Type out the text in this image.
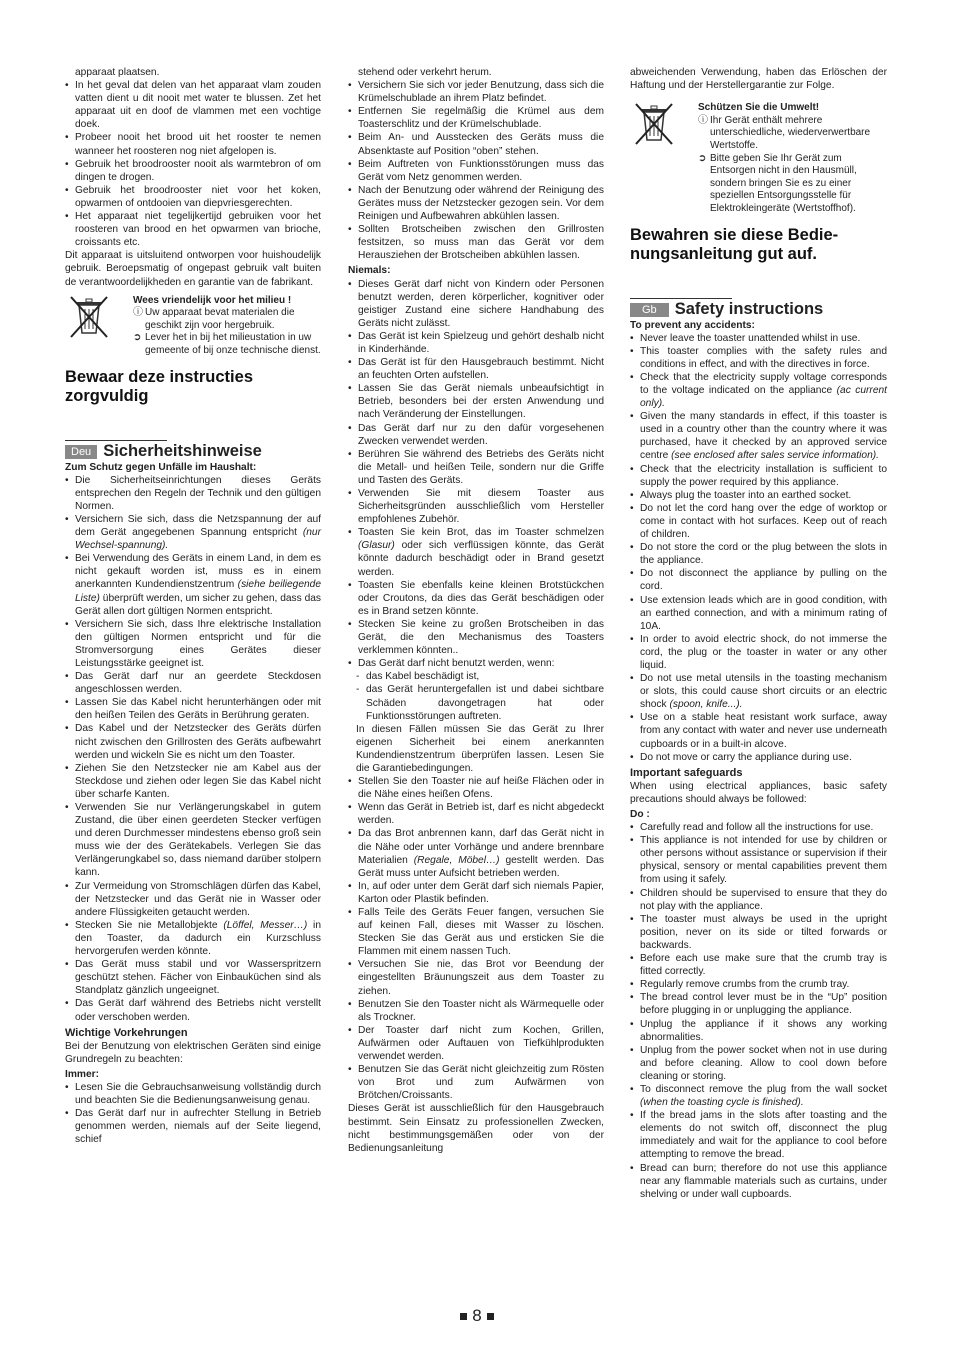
apparaat plaatsen.

• In het geval dat delen van het apparaat vlam zouden vatten dient u dit nooit met water te blussen. Zet het apparaat uit en doof de vlammen met een vochtige doek.
• Probeer nooit het brood uit het rooster te nemen wanneer het roosteren nog niet afgelopen is.
• Gebruik het broodrooster nooit als warmtebron of om dingen te drogen.
• Gebruik het broodrooster niet voor het koken, opwarmen of ontdooien van diepvriesgerechten.
• Het apparaat niet tegelijkertijd gebruiken voor het roosteren van brood en het opwarmen van brioche, croissants etc.

Dit apparaat is uitsluitend ontworpen voor huishoudelijk gebruik. Beroepsmatig of ongepast gebruik valt buiten de verantwoordelijkheden en garantie van de fabrikant.

Wees vriendelijk voor het milieu !
ⓘ Uw apparaat bevat materialen die geschikt zijn voor hergebruik.
➲ Lever het in bij het milieustation in uw gemeente of bij onze technische dienst.
Bewaar deze instructies zorgvuldig
Deu Sicherheitshinweise
Zum Schutz gegen Unfälle im Haushalt:
• Die Sicherheitseinrichtungen dieses Geräts entsprechen den Regeln der Technik und den gültigen Normen.
• Versichern Sie sich, dass die Netzspannung der auf dem Gerät angegebenen Spannung entspricht (nur Wechsel-spannung).
• Bei Verwendung des Geräts in einem Land, in dem es nicht gekauft worden ist, muss es in einem anerkannten Kundendienstzentrum (siehe beiliegende Liste) überprüft werden, um sicher zu gehen, dass das Gerät allen dort gültigen Normen entspricht.
• Versichern Sie sich, dass Ihre elektrische Installation den gültigen Normen entspricht und für die Stromversorgung eines Gerätes dieser Leistungsstärke geeignet ist.
• Das Gerät darf nur an geerdete Steckdosen angeschlossen werden.
• Lassen Sie das Kabel nicht herunterhängen oder mit den heißen Teilen des Geräts in Berührung geraten.
• Das Kabel und der Netzstecker des Geräts dürfen nicht zwischen den Grillrosten des Geräts aufbewahrt werden und wickeln Sie es nicht um den Toaster.
• Ziehen Sie den Netzstecker nie am Kabel aus der Steckdose und ziehen oder legen Sie das Kabel nicht über scharfe Kanten.
• Verwenden Sie nur Verlängerungskabel in gutem Zustand, die über einen geerdeten Stecker verfügen und deren Durchmesser mindestens ebenso groß sein muss wie der des Gerätekabels. Verlegen Sie das Verlängerungkabel so, dass niemand darüber stolpern kann.
• Zur Vermeidung von Stromschlägen dürfen das Kabel, der Netzstecker und das Gerät nie in Wasser oder andere Flüssigkeiten getaucht werden.
• Stecken Sie nie Metallobjekte (Löffel, Messer…) in den Toaster, da dadurch ein Kurzschluss hervorgerufen werden könnte.
• Das Gerät muss stabil und vor Wasserspritzern geschützt stehen. Fächer von Einbauküchen sind als Standplatz gänzlich ungeeignet.
• Das Gerät darf während des Betriebs nicht verstellt oder verschoben werden.
Wichtige Vorkehrungen

Bei der Benutzung von elektrischen Geräten sind einige Grundregeln zu beachten:

Immer:
• Lesen Sie die Gebrauchsanweisung vollständig durch und beachten Sie die Bedienungsanweisung genau.
• Das Gerät darf nur in aufrechter Stellung in Betrieb genommen werden, niemals auf der Seite liegend, schief

stehend oder verkehrt herum.

• Versichern Sie sich vor jeder Benutzung, dass sich die Krümelschublade an ihrem Platz befindet.
• Entfernen Sie regelmäßig die Krümel aus dem Toasterschlitz und der Krümelschublade.
• Beim An- und Ausstecken des Geräts muss die Absenktaste auf Position “oben” stehen.
• Beim Auftreten von Funktionsstörungen muss das Gerät vom Netz genommen werden.
• Nach der Benutzung oder während der Reinigung des Gerätes muss der Netzstecker gezogen sein. Vor dem Reinigen und Aufbewahren abkühlen lassen.
• Sollten Brotscheiben zwischen den Grillrosten festsitzen, so muss man das Gerät vor dem Herausziehen der Brotscheiben abkühlen lassen.
Niemals:
• Dieses Gerät darf nicht von Kindern oder Personen benutzt werden, deren körperlicher, kognitiver oder geistiger Zustand eine sichere Handhabung des Geräts nicht zulässt.
• Das Gerät ist kein Spielzeug und gehört deshalb nicht in Kinderhände.
• Das Gerät ist für den Hausgebrauch bestimmt. Nicht an feuchten Orten aufstellen.
• Lassen Sie das Gerät niemals unbeaufsichtigt in Betrieb, besonders bei der ersten Anwendung und nach Veränderung der Einstellungen.
• Das Gerät darf nur zu den dafür vorgesehenen Zwecken verwendet werden.
• Berühren Sie während des Betriebs des Geräts nicht die Metall- und heißen Teile, sondern nur die Griffe und Tasten des Geräts.
• Verwenden Sie mit diesem Toaster aus Sicherheitsgründen ausschließlich vom Hersteller empfohlenes Zubehör.
• Toasten Sie kein Brot, das im Toaster schmelzen (Glasur) oder sich verflüssigen könnte, das Gerät könnte dadurch beschädigt oder in Brand gesetzt werden.
• Toasten Sie ebenfalls keine kleinen Brotstückchen oder Croutons, da dies das Gerät beschädigen oder es in Brand setzen könnte.
• Stecken Sie keine zu großen Brotscheiben in das Gerät, die den Mechanismus des Toasters verklemmen könnten..
• Das Gerät darf nicht benutzt werden, wenn:
- das Kabel beschädigt ist,
- das Gerät heruntergefallen ist und dabei sichtbare Schäden davongetragen hat oder Funktionsstörungen auftreten.

In diesen Fällen müssen Sie das Gerät zu Ihrer eigenen Sicherheit bei einem anerkannten Kundendienstzentrum überprüfen lassen. Lesen Sie die Garantiebedingungen.

• Stellen Sie den Toaster nie auf heiße Flächen oder in die Nähe eines heißen Ofens.
• Wenn das Gerät in Betrieb ist, darf es nicht abgedeckt werden.
• Da das Brot anbrennen kann, darf das Gerät nicht in die Nähe oder unter Vorhänge und andere brennbare Materialien (Regale, Möbel…) gestellt werden. Das Gerät muss unter Aufsicht betrieben werden.
• In, auf oder unter dem Gerät darf sich niemals Papier, Karton oder Plastik befinden.
• Falls Teile des Geräts Feuer fangen, versuchen Sie auf keinen Fall, dieses mit Wasser zu löschen. Stecken Sie das Gerät aus und ersticken Sie die Flammen mit einem nassen Tuch.
• Versuchen Sie nie, das Brot vor Beendung der eingestellten Bräunungszeit aus dem Toaster zu ziehen.
• Benutzen Sie den Toaster nicht als Wärmequelle oder als Trockner.
• Der Toaster darf nicht zum Kochen, Grillen, Aufwärmen oder Auftauen von Tiefkühlprodukten verwendet werden.
• Benutzen Sie das Gerät nicht gleichzeitig zum Rösten von Brot und zum Aufwärmen von Brötchen/Croissants.

Dieses Gerät ist ausschließlich für den Hausgebrauch bestimmt. Sein Einsatz zu professionellen Zwecken, nicht bestimmungsgemäßen oder von der Bedienungsanleitung

abweichenden Verwendung, haben das Erlöschen der Haftung und der Herstellergarantie zur Folge.

Schützen Sie die Umwelt!
ⓘ Ihr Gerät enthält mehrere unterschiedliche, wiederverwertbare Wertstoffe.
➲ Bitte geben Sie Ihr Gerät zum Entsorgen nicht in den Hausmüll, sondern bringen Sie es zu einer speziellen Entsorgungsstelle für Elektrokleingeräte (Wertstoffhof).
Bewahren sie diese Bedie-nungsanleitung gut auf.
Gb	Safety instructions
To prevent any accidents:
• Never leave the toaster unattended whilst in use.
• This toaster complies with the safety rules and conditions in effect, and with the directives in force.
• Check that the electricity supply voltage corresponds to the voltage indicated on the appliance (ac current only).
• Given the many standards in effect, if this toaster is used in a country other than the country where it was purchased, have it checked by an approved service centre (see enclosed after sales service information).
• Check that the electricity installation is sufficient to supply the power required by this appliance.
• Always plug the toaster into an earthed socket.
• Do not let the cord hang over the edge of worktop or come in contact with hot surfaces. Keep out of reach of children.
• Do not store the cord or the plug between the slots in the appliance.
• Do not disconnect the appliance by pulling on the cord.
• Use extension leads which are in good condition, with an earthed connection, and with a minimum rating of 10A.
• In order to avoid electric shock, do not immerse the cord, the plug or the toaster in water or any other liquid.
• Do not use metal utensils in the toasting mechanism or slots, this could cause short circuits or an electric shock (spoon, knife...).
• Use on a stable heat resistant work surface, away from any contact with water and never use underneath cupboards or in a built-in alcove.
• Do not move or carry the appliance during use.
Important safeguards

When using electrical appliances, basic safety precautions should always be followed:

Do :
• Carefully read and follow all the instructions for use.
• This appliance is not intended for use by children or other persons without assistance or supervision if their physical, sensory or mental capabilities prevent them from using it safely.
• Children should be supervised to ensure that they do not play with the appliance.
• The toaster must always be used in the upright position, never on its side or tilted forwards or backwards.
• Before each use make sure that the crumb tray is fitted correctly.
• Regularly remove crumbs from the crumb tray.
• The bread control lever must be in the “Up” position before plugging in or unplugging the appliance.
• Unplug the appliance if it shows any working abnormalities.
• Unplug from the power socket when not in use during and before cleaning. Allow to cool down before cleaning or storing.
• To disconnect remove the plug from the wall socket (when the toasting cycle is finished).
• If the bread jams in the slots after toasting and the elements do not switch off, disconnect the plug immediately and wait for the appliance to cool before attempting to remove the bread.
• Bread can burn; therefore do not use this appliance near any flammable materials such as curtains, under shelving or under wall cupboards.
8
